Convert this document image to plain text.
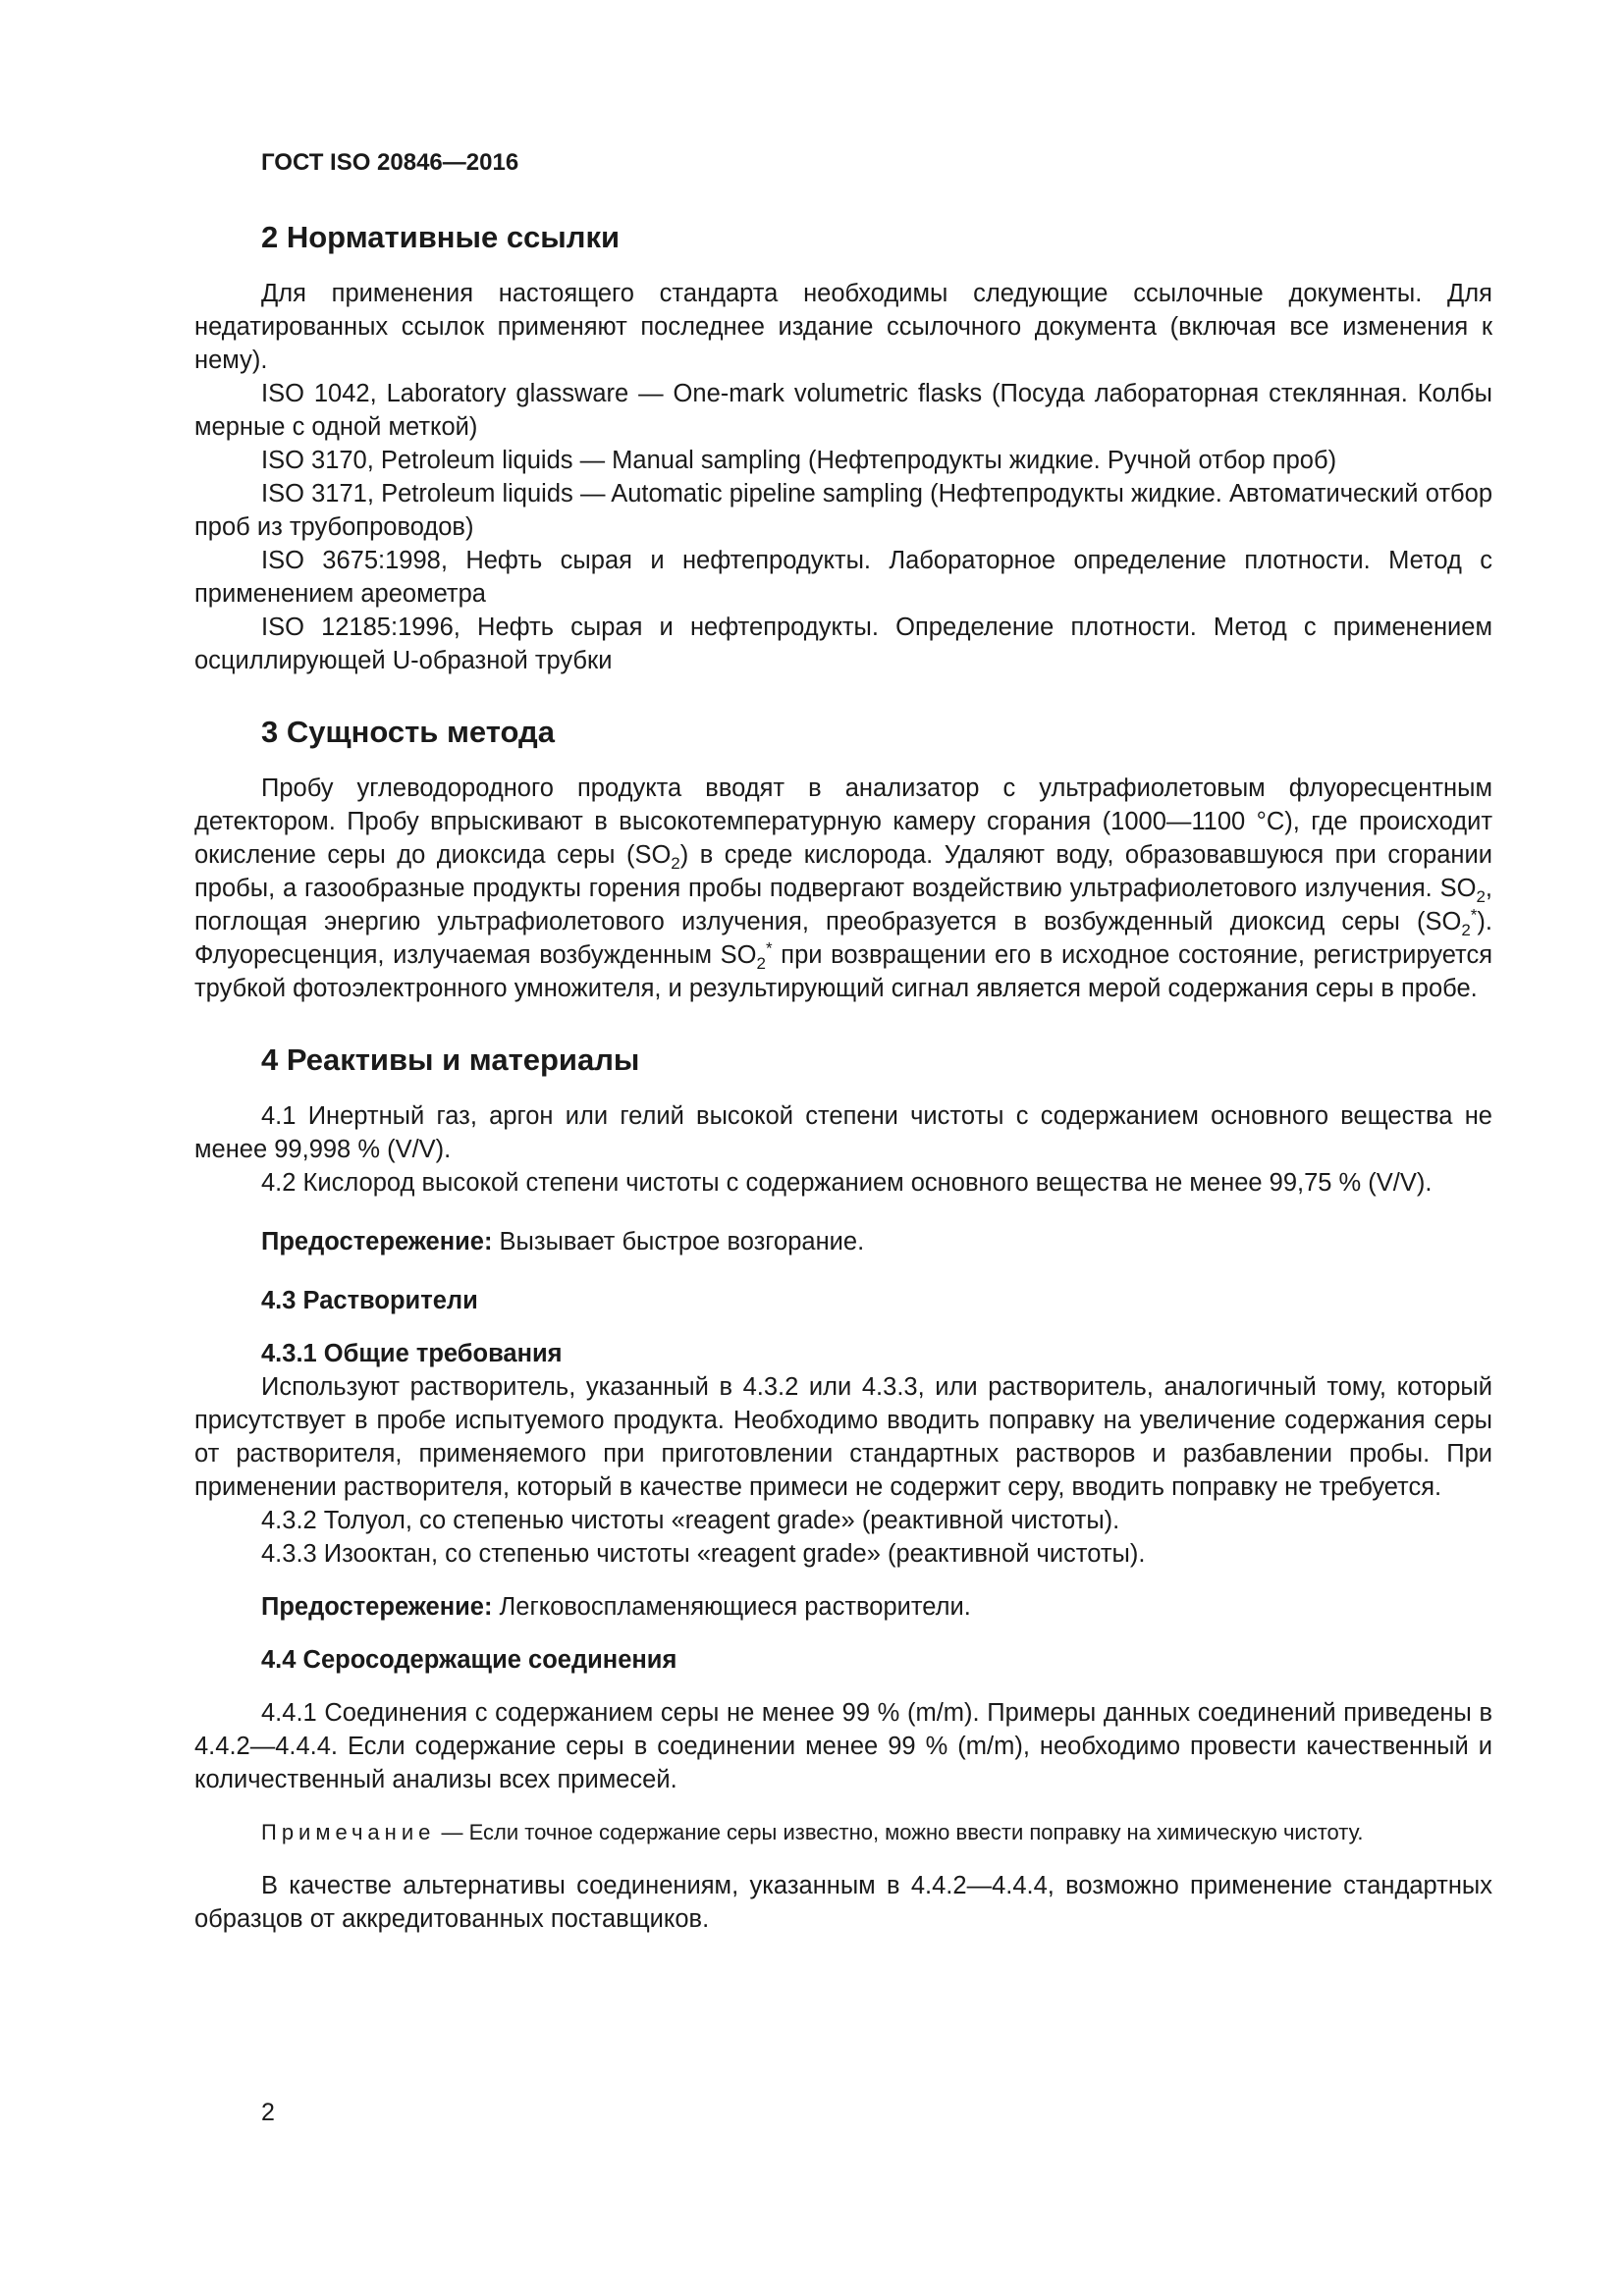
ГОСТ ISO 20846—2016

2 Нормативные ссылки

Для применения настоящего стандарта необходимы следующие ссылочные документы. Для недатированных ссылок применяют последнее издание ссылочного документа (включая все изменения к нему).

ISO 1042, Laboratory glassware — One-mark volumetric flasks (Посуда лабораторная стеклянная. Колбы мерные с одной меткой)

ISO 3170, Petroleum liquids — Manual sampling (Нефтепродукты жидкие. Ручной отбор проб)

ISO 3171, Petroleum liquids — Automatic pipeline sampling (Нефтепродукты жидкие. Автоматический отбор проб из трубопроводов)

ISO 3675:1998, Нефть сырая и нефтепродукты. Лабораторное определение плотности. Метод с применением ареометра

ISO 12185:1996, Нефть сырая и нефтепродукты. Определение плотности. Метод с применением осциллирующей U-образной трубки

3 Сущность метода

Пробу углеводородного продукта вводят в анализатор с ультрафиолетовым флуоресцентным детектором. Пробу впрыскивают в высокотемпературную камеру сгорания (1000—1100 °C), где происходит окисление серы до диоксида серы $(SO_2)$ в среде кислорода. Удаляют воду, образовавшуюся при сгорании пробы, а газообразные продукты горения пробы подвергают воздействию ультрафиолетового излучения. $SO_2$, поглощая энергию ультрафиолетового излучения, преобразуется в возбужденный диоксид серы $(SO_2^*)$. Флуоресценция, излучаемая возбужденным $SO_2^*$ при возвращении его в исходное состояние, регистрируется трубкой фотоэлектронного умножителя, и результирующий сигнал является мерой содержания серы в пробе.

4 Реактивы и материалы

4.1 Инертный газ, аргон или гелий высокой степени чистоты с содержанием основного вещества не менее 99,998 % (V/V).

4.2 Кислород высокой степени чистоты с содержанием основного вещества не менее 99,75 % (V/V).

Предостережение: Вызывает быстрое возгорание.

4.3 Растворители
4.3.1 Общие требования

Используют растворитель, указанный в 4.3.2 или 4.3.3, или растворитель, аналогичный тому, который присутствует в пробе испытуемого продукта. Необходимо вводить поправку на увеличение содержания серы от растворителя, применяемого при приготовлении стандартных растворов и разбавлении пробы. При применении растворителя, который в качестве примеси не содержит серу, вводить поправку не требуется.

4.3.2 Толуол, со степенью чистоты «reagent grade» (реактивной чистоты).

4.3.3 Изооктан, со степенью чистоты «reagent grade» (реактивной чистоты).

Предостережение: Легковоспламеняющиеся растворители.

4.4 Серосодержащие соединения

4.4.1 Соединения с содержанием серы не менее 99 % (m/m). Примеры данных соединений приведены в 4.4.2—4.4.4. Если содержание серы в соединении менее 99 % (m/m), необходимо провести качественный и количественный анализы всех примесей.

Примечание — Если точное содержание серы известно, можно ввести поправку на химическую чистоту.

В качестве альтернативы соединениям, указанным в 4.4.2—4.4.4, возможно применение стандартных образцов от аккредитованных поставщиков.

2
